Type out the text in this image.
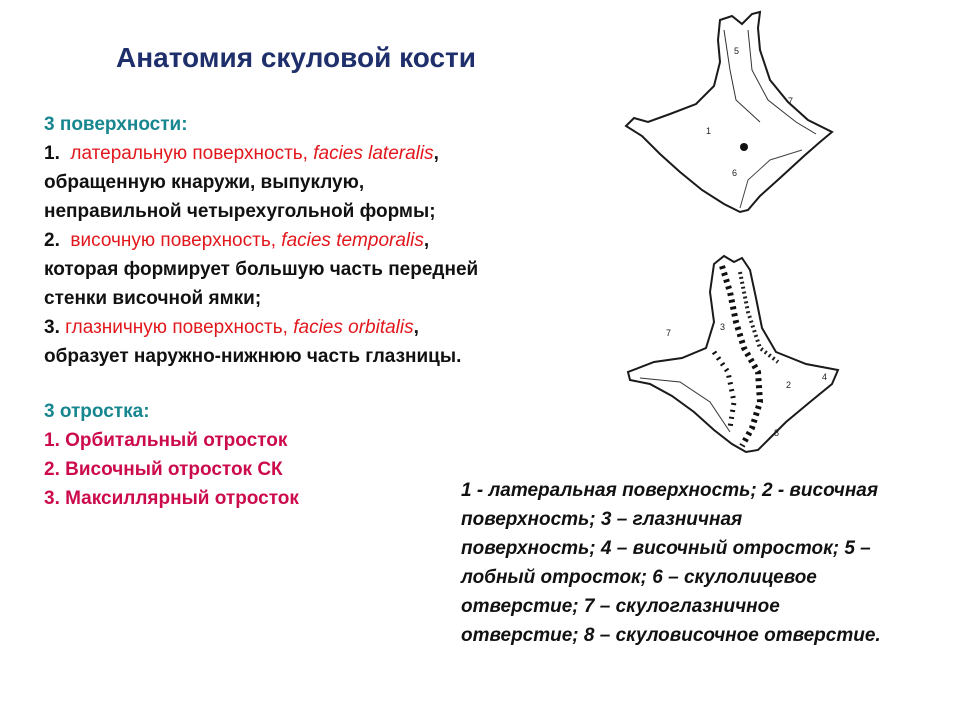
Анатомия скуловой кости
3 поверхности:
1. латеральную поверхность, facies lateralis, обращенную кнаружи, выпуклую, неправильной четырехугольной формы;
2. височную поверхность, facies temporalis, которая формирует большую часть передней стенки височной ямки;
3. глазничную поверхность, facies orbitalis, образует наружно-нижнюю часть глазницы.
3 отростка:
1. Орбитальный отросток
2. Височный отросток СК
3. Максиллярный отросток
5
7
1
6
7
3
4
2
8
1 - латеральная поверхность; 2 - височная поверхность; 3 – глазничная поверхность; 4 – височный отросток; 5 – лобный отросток; 6 – скулолицевое отверстие; 7 – скулоглазничное отверстие; 8 – скуловисочное отверстие.
